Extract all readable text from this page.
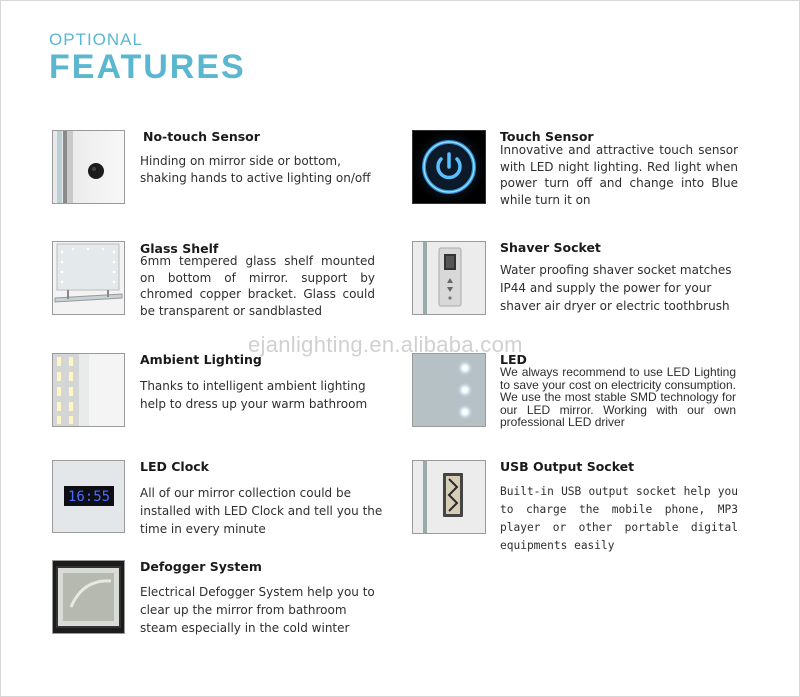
OPTIONAL
FEATURES
No-touch Sensor
Hinding on mirror side or bottom, shaking hands to active lighting on/off
Touch Sensor
Innovative and attractive touch sensor with LED night lighting. Red light when power turn off and change into Blue while turn it on
Glass Shelf
6mm tempered glass shelf mounted on bottom of mirror. support by chromed copper bracket. Glass could be transparent or sandblasted
Shaver Socket
Water proofing shaver socket matches IP44 and supply the power for your shaver air dryer or electric toothbrush
Ambient Lighting
Thanks to intelligent ambient lighting help to dress up your warm bathroom
LED
We always recommend to use LED Lighting to save your cost on electricity consumption. We use the most stable SMD technology for our LED mirror. Working with our own professional LED driver
16:55
LED Clock
All of our mirror collection could be installed with LED Clock and tell you the time in every minute
USB Output Socket
Built-in USB output socket help you to charge the mobile phone, MP3 player or other portable digital equipments easily
Defogger System
Electrical Defogger System help you to clear up the mirror from bathroom steam especially in the cold winter
ejanlighting.en.alibaba.com
